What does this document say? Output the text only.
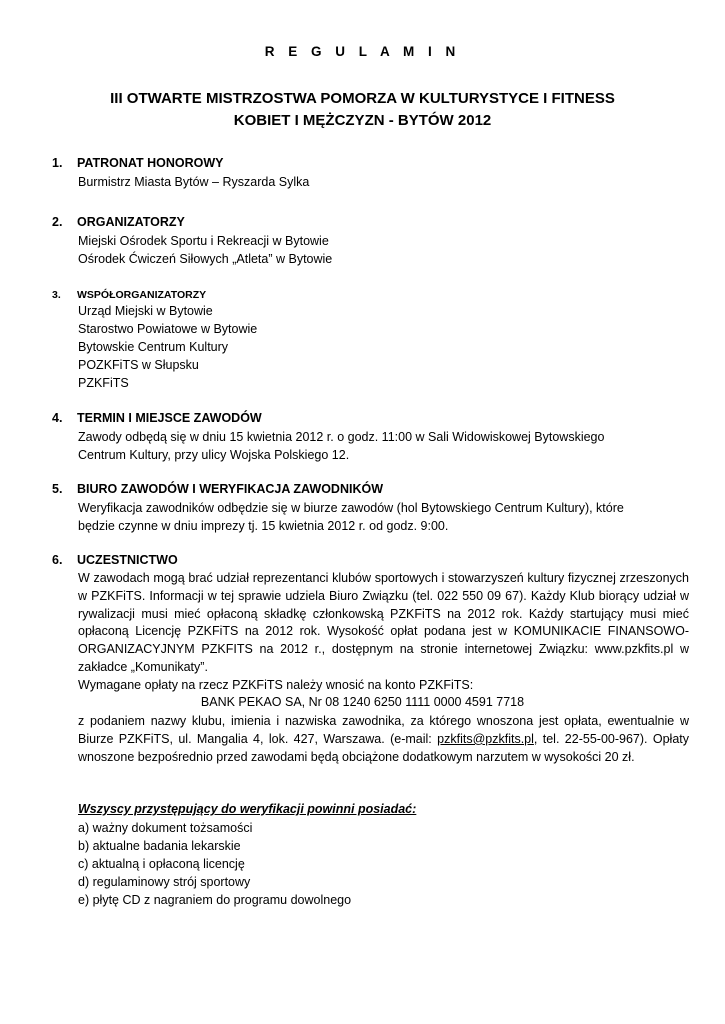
R E G U L A M I N
III OTWARTE MISTRZOSTWA POMORZA W KULTURYSTYCE I FITNESS
KOBIET I MĘŻCZYZN - BYTÓW 2012
1. PATRONAT HONOROWY
Burmistrz Miasta Bytów – Ryszarda Sylka
2. ORGANIZATORZY
Miejski Ośrodek Sportu i Rekreacji w Bytowie
Ośrodek Ćwiczeń Siłowych „Atleta” w Bytowie
3. WSPÓŁORGANIZATORZY
Urząd Miejski w Bytowie
Starostwo Powiatowe w Bytowie
Bytowskie Centrum Kultury
POZKFiTS w Słupsku
PZKFiTS
4. TERMIN I MIEJSCE ZAWODÓW
Zawody odbędą się w dniu 15 kwietnia 2012 r. o godz. 11:00 w Sali Widowiskowej Bytowskiego
Centrum Kultury, przy ulicy Wojska Polskiego 12.
5. BIURO ZAWODÓW I WERYFIKACJA ZAWODNIKÓW
Weryfikacja zawodników odbędzie się w biurze zawodów (hol Bytowskiego Centrum Kultury), które
będzie czynne w dniu imprezy tj. 15 kwietnia 2012 r. od godz. 9:00.
6. UCZESTNICTWO
W zawodach mogą brać udział reprezentanci klubów sportowych i stowarzyszeń kultury fizycznej zrzeszonych w PZKFiTS. Informacji w tej sprawie udziela Biuro Związku (tel. 022 550 09 67). Każdy Klub biorący udział w rywalizacji musi mieć opłaconą składkę członkowską PZKFiTS na 2012 rok. Każdy startujący musi mieć opłaconą Licencję PZKFiTS na 2012 rok. Wysokość opłat podana jest w KOMUNIKACIE FINANSOWO-ORGANIZACYJNYM PZKFITS na 2012 r., dostępnym na stronie internetowej Związku: www.pzkfits.pl w zakładce „Komunikaty”.
Wymagane opłaty na rzecz PZKFiTS należy wnosić na konto PZKFiTS:
BANK PEKAO SA, Nr 08 1240 6250 1111 0000 4591 7718
z podaniem nazwy klubu, imienia i nazwiska zawodnika, za którego wnoszona jest opłata, ewentualnie w Biurze PZKFiTS, ul. Mangalia 4, lok. 427, Warszawa. (e-mail: pzkfits@pzkfits.pl, tel. 22-55-00-967). Opłaty wnoszone bezpośrednio przed zawodami będą obciążone dodatkowym narzutem w wysokości 20 zł.
Wszyscy przystępujący do weryfikacji powinni posiadać:
a) ważny dokument tożsamości
b) aktualne badania lekarskie
c) aktualną i opłaconą licencję
d) regulaminowy strój sportowy
e) płytę CD z nagraniem do programu dowolnego
